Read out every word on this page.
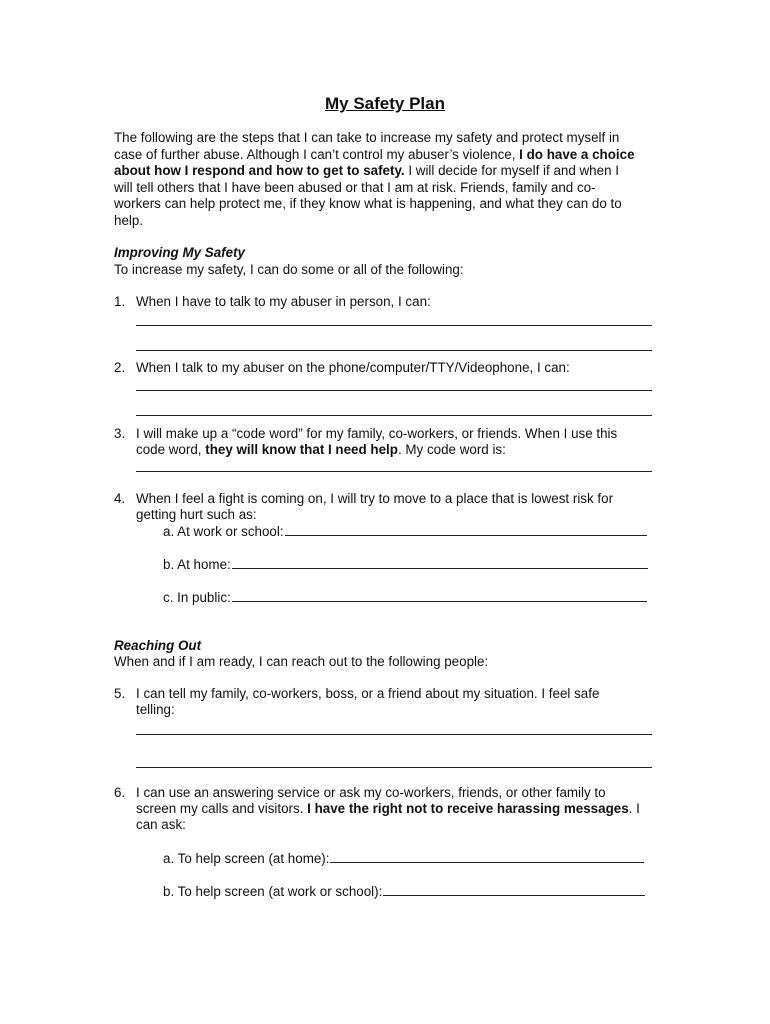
My Safety Plan
The following are the steps that I can take to increase my safety and protect myself in
case of further abuse. Although I can’t control my abuser’s violence, I do have a choice
about how I respond and how to get to safety. I will decide for myself if and when I
will tell others that I have been abused or that I am at risk. Friends, family and co-
workers can help protect me, if they know what is happening, and what they can do to
help.
Improving My Safety
To increase my safety, I can do some or all of the following:
1. When I have to talk to my abuser in person, I can:
2. When I talk to my abuser on the phone/computer/TTY/Videophone, I can:
3. I will make up a “code word” for my family, co-workers, or friends. When I use this
code word, they will know that I need help. My code word is:
4. When I feel a fight is coming on, I will try to move to a place that is lowest risk for
getting hurt such as:
a. At work or school:
b. At home:
c. In public:
Reaching Out
When and if I am ready, I can reach out to the following people:
5. I can tell my family, co-workers, boss, or a friend about my situation. I feel safe
telling:
6. I can use an answering service or ask my co-workers, friends, or other family to
screen my calls and visitors. I have the right not to receive harassing messages. I
can ask:
a. To help screen (at home):
b. To help screen (at work or school):
